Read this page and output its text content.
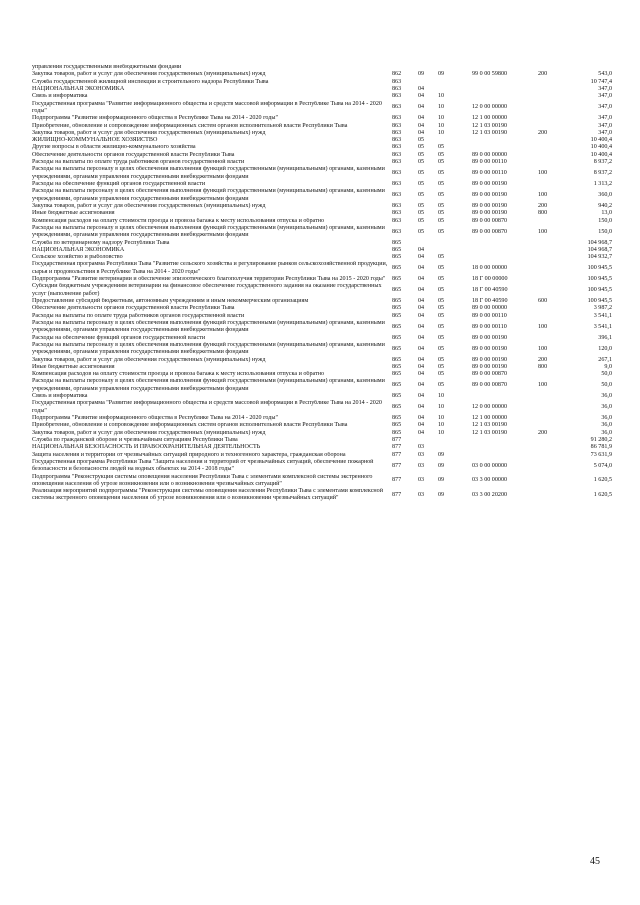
управления государственными внебюджетными фондами						
Закупка товаров, работ и услуг для обеспечения государственных (муниципальных) нужд	862	09	09	99 0 00 59800	200	543,0
Служба государственной жилищной инспекции и строительного надзора Республики Тыва	863					10 747,4
НАЦИОНАЛЬНАЯ ЭКОНОМИКА	863	04				347,0
Связь и информатика	863	04	10			347,0
Государственная программа "Развитие информационного общества и средств массовой информации в Республике Тыва на 2014 - 2020 годы"	863	04	10	12 0 00 00000		347,0
Подпрограмма "Развитие информационного общества в Республике Тыва на 2014 - 2020 годы"	863	04	10	12 1 00 00000		347,0
Приобретение, обновление и сопровождение информационных систем органов исполнительной власти Республики Тыва	863	04	10	12 1 03 00190		347,0
Закупка товаров, работ и услуг для обеспечения государственных (муниципальных) нужд	863	04	10	12 1 03 00190	200	347,0
ЖИЛИЩНО-КОММУНАЛЬНОЕ ХОЗЯЙСТВО	863	05				10 400,4
Другие вопросы в области жилищно-коммунального хозяйства	863	05	05			10 400,4
Обеспечение деятельности органов государственной власти Республики Тыва	863	05	05	89 0 00 00000		10 400,4
Расходы на выплаты по оплате труда работников органов государственной власти	863	05	05	89 0 00 00110		8 937,2
Расходы на выплаты персоналу в целях обеспечения выполнения функций государственными (муниципальными) органами, казенными учреждениями, органами управления государственными внебюджетными фондами	863	05	05	89 0 00 00110	100	8 937,2
Расходы на обеспечение функций органов государственной власти	863	05	05	89 0 00 00190		1 313,2
Расходы на выплаты персоналу в целях обеспечения выполнения функций государственными (муниципальными) органами, казенными учреждениями, органами управления государственными внебюджетными фондами	863	05	05	89 0 00 00190	100	360,0
Закупка товаров, работ и услуг для обеспечения государственных (муниципальных) нужд	863	05	05	89 0 00 00190	200	940,2
Иные бюджетные ассигнования	863	05	05	89 0 00 00190	800	13,0
Компенсация расходов на оплату стоимости проезда и провоза багажа к месту использования отпуска и обратно	863	05	05	89 0 00 00870		150,0
Расходы на выплаты персоналу в целях обеспечения выполнения функций государственными (муниципальными) органами, казенными учреждениями, органами управления государственными внебюджетными фондами	863	05	05	89 0 00 00870	100	150,0
Служба по ветеринарному надзору Республики Тыва	865					104 968,7
НАЦИОНАЛЬНАЯ ЭКОНОМИКА	865	04				104 968,7
Сельское хозяйство и рыболовство	865	04	05			104 932,7
Государственная программа Республики Тыва "Развитие сельского хозяйства и регулирование рынков сельскохозяйственной продукции, сырья и продовольствия в Республике Тыва на 2014 - 2020 годы"	865	04	05	18 0 00 00000		100 945,5
Подпрограмма "Развитие ветеринарии и обеспечение эпизоотического благополучия территории Республики Тыва на 2015 - 2020 годы"	865	04	05	18 Г 00 00000		100 945,5
Субсидии бюджетным учреждениям ветеринарии на финансовое обеспечение государственного задания на оказание государственных услуг (выполнение работ)	865	04	05	18 Г 00 40590		100 945,5
Предоставление субсидий бюджетным, автономным учреждениям и иным некоммерческим организациям	865	04	05	18 Г 00 40590	600	100 945,5
Обеспечение деятельности органов государственной власти Республики Тыва	865	04	05	89 0 00 00000		3 987,2
Расходы на выплаты по оплате труда работников органов государственной власти	865	04	05	89 0 00 00110		3 541,1
Расходы на выплаты персоналу в целях обеспечения выполнения функций государственными (муниципальными) органами, казенными учреждениями, органами управления государственными внебюджетными фондами	865	04	05	89 0 00 00110	100	3 541,1
Расходы на обеспечение функций органов государственной власти	865	04	05	89 0 00 00190		396,1
Расходы на выплаты персоналу в целях обеспечения выполнения функций государственными (муниципальными) органами, казенными учреждениями, органами управления государственными внебюджетными фондами	865	04	05	89 0 00 00190	100	120,0
Закупка товаров, работ и услуг для обеспечения государственных (муниципальных) нужд	865	04	05	89 0 00 00190	200	267,1
Иные бюджетные ассигнования	865	04	05	89 0 00 00190	800	9,0
Компенсация расходов на оплату стоимости проезда и провоза багажа к месту использования отпуска и обратно	865	04	05	89 0 00 00870		50,0
Расходы на выплаты персоналу в целях обеспечения выполнения функций государственными (муниципальными) органами, казенными учреждениями, органами управления государственными внебюджетными фондами	865	04	05	89 0 00 00870	100	50,0
Связь и информатика	865	04	10			36,0
Государственная программа "Развитие информационного общества и средств массовой информации в Республике Тыва на 2014 - 2020 годы"	865	04	10	12 0 00 00000		36,0
Подпрограмма "Развитие информационного общества в Республике Тыва на 2014 - 2020 годы"	865	04	10	12 1 00 00000		36,0
Приобретение, обновление и сопровождение информационных систем органов исполнительной власти Республики Тыва	865	04	10	12 1 03 00190		36,0
Закупка товаров, работ и услуг для обеспечения государственных (муниципальных) нужд	865	04	10	12 1 03 00190	200	36,0
Служба по гражданской обороне и чрезвычайным ситуациям Республики Тыва	877					91 280,2
НАЦИОНАЛЬНАЯ БЕЗОПАСНОСТЬ И ПРАВООХРАНИТЕЛЬНАЯ ДЕЯТЕЛЬНОСТЬ	877	03				86 781,9
Защита населения и территории от чрезвычайных ситуаций природного и техногенного характера, гражданская оборона	877	03	09			73 631,9
Государственная программа Республики Тыва "Защита населения и территорий от чрезвычайных ситуаций, обеспечение пожарной безопасности и безопасности людей на водных объектах на 2014 - 2018 годы"	877	03	09	03 0 00 00000		5 074,0
Подпрограмма "Реконструкция системы оповещения населения Республики Тыва с элементами комплексной системы экстренного оповещения населения об угрозе возникновения или о возникновении чрезвычайных ситуаций"	877	03	09	03 3 00 00000		1 620,5
Реализация мероприятий подпрограммы "Реконструкция системы оповещения населения Республики Тыва с элементами комплексной системы экстренного оповещения населения об угрозе возникновения или о возникновении чрезвычайных ситуаций"	877	03	09	03 3 00 20200		1 620,5
45
